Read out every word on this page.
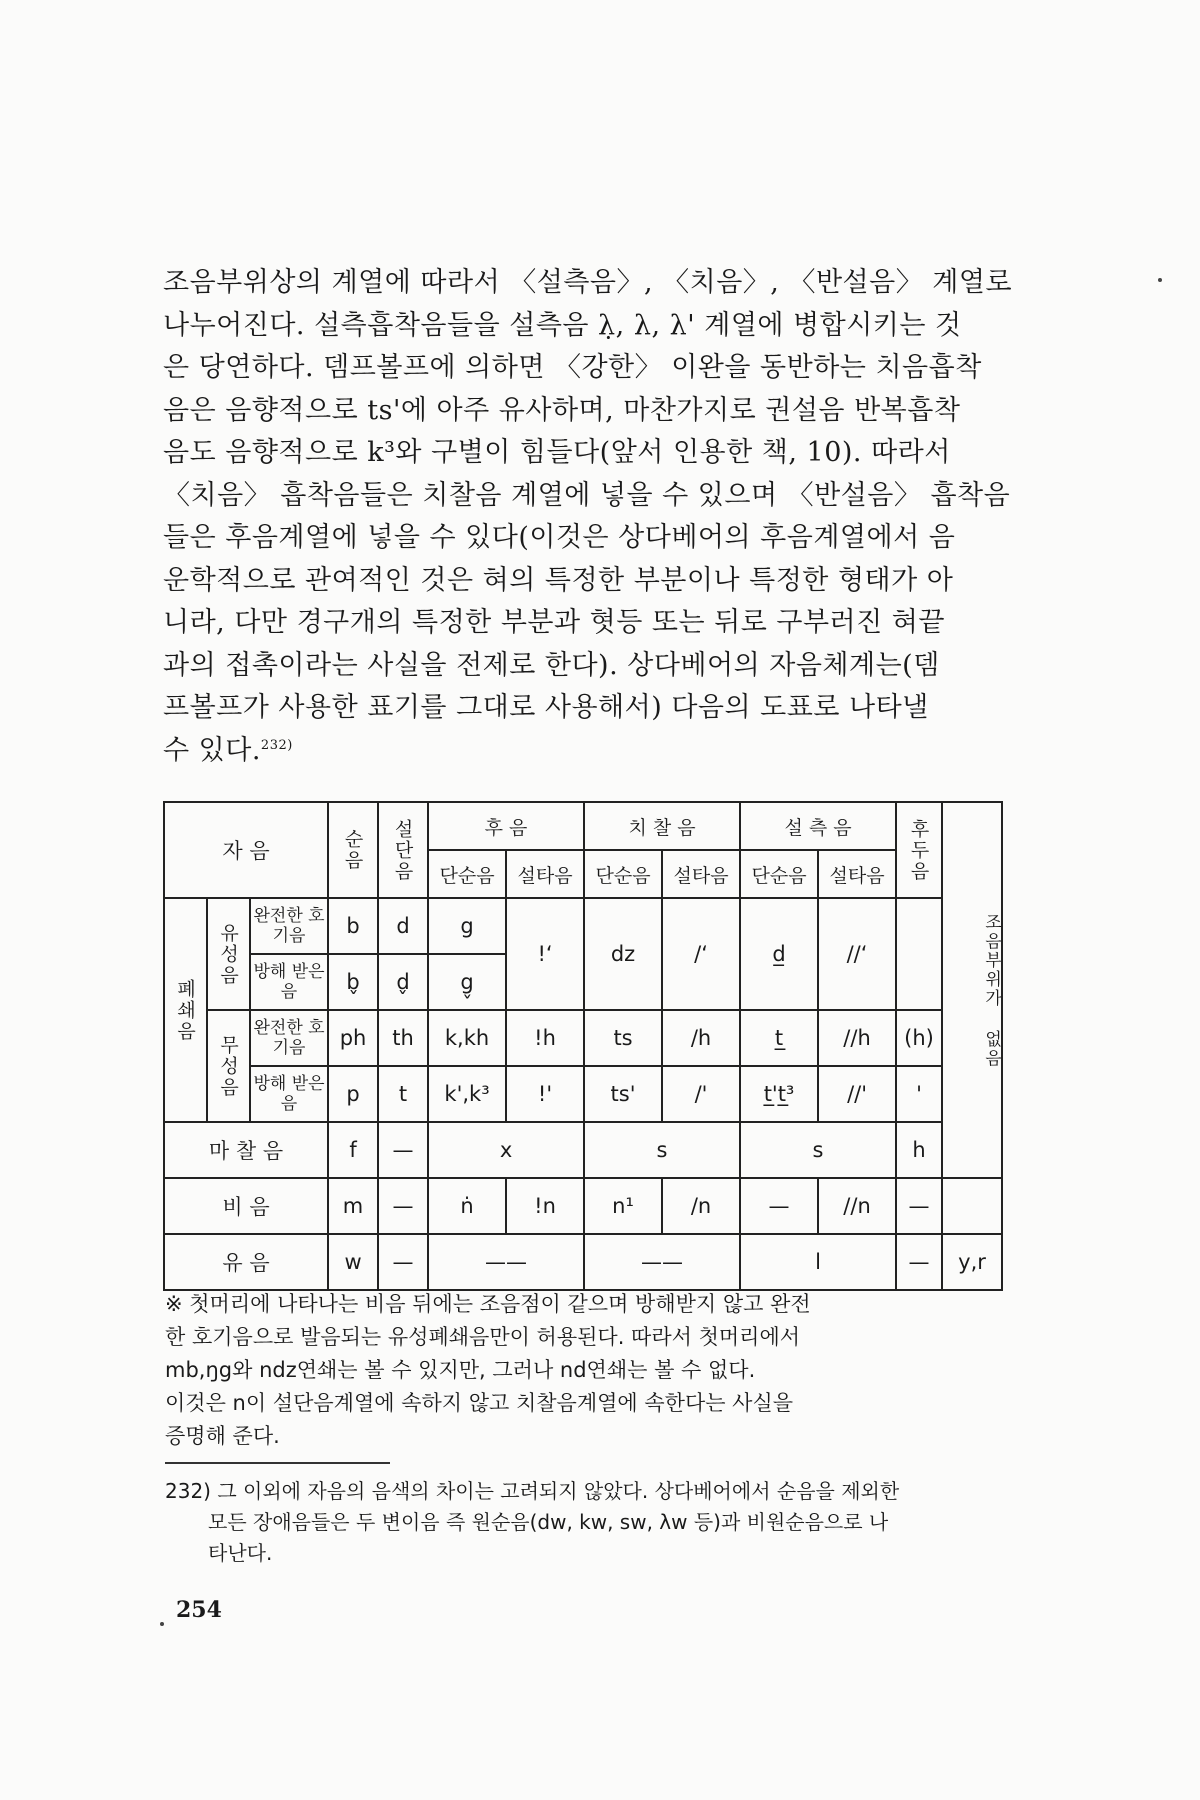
조음부위상의 계열에 따라서 〈설측음〉, 〈치음〉, 〈반설음〉 계열로
나누어진다. 설측흡착음들을 설측음 λ̣, λ, λ' 계열에 병합시키는 것
은 당연하다. 뎀프볼프에 의하면 〈강한〉 이완을 동반하는 치음흡착
음은 음향적으로 ts'에 아주 유사하며, 마찬가지로 권설음 반복흡착
음도 음향적으로 k³와 구별이 힘들다(앞서 인용한 책, 10). 따라서
〈치음〉 흡착음들은 치찰음 계열에 넣을 수 있으며 〈반설음〉 흡착음
들은 후음계열에 넣을 수 있다(이것은 상다베어의 후음계열에서 음
운학적으로 관여적인 것은 혀의 특정한 부분이나 특정한 형태가 아
니라, 다만 경구개의 특정한 부분과 혓등 또는 뒤로 구부러진 혀끝
과의 접촉이라는 사실을 전제로 한다). 상다베어의 자음체계는(뎀
프볼프가 사용한 표기를 그대로 사용해서) 다음의 도표로 나타낼
수 있다.$^{232)}$
자 음			순음	설단음	후 음		치 찰 음		설 측 음		후두음	조음부위가 없음
					단순음	설타음	단순음	설타음	단순음	설타음		
폐쇄음	유성음	완전한 호기음	b	d	g	!ʻ	dz	/ʻ	d̲	//ʻ		
		방해 받은 음	b̬	d̬	g̬							
	무성음	완전한 호기음	ph	th	k,kh	!h	ts	/h	t̲	//h	(h)	
		방해 받은 음	p	t	k',k³	!'	ts'	/'	t̲'t̲³	//'	'	
마 찰 음			f	—	x		s		s		h	
비 음			m	—	ṅ	!n	n¹	/n	—	//n	—	
유 음			w	—	——		——		l		—	y,r
※ 첫머리에 나타나는 비음 뒤에는 조음점이 같으며 방해받지 않고 완전
한 호기음으로 발음되는 유성폐쇄음만이 허용된다. 따라서 첫머리에서
mb,ŋg와 ndz연쇄는 볼 수 있지만, 그러나 nd연쇄는 볼 수 없다.
이것은 n이 설단음계열에 속하지 않고 치찰음계열에 속한다는 사실을
증명해 준다.
232) 그 이외에 자음의 음색의 차이는 고려되지 않았다. 상다베어에서 순음을 제외한
모든 장애음들은 두 변이음 즉 원순음(dw, kw, sw, λw 등)과 비원순음으로 나
타난다.
254
